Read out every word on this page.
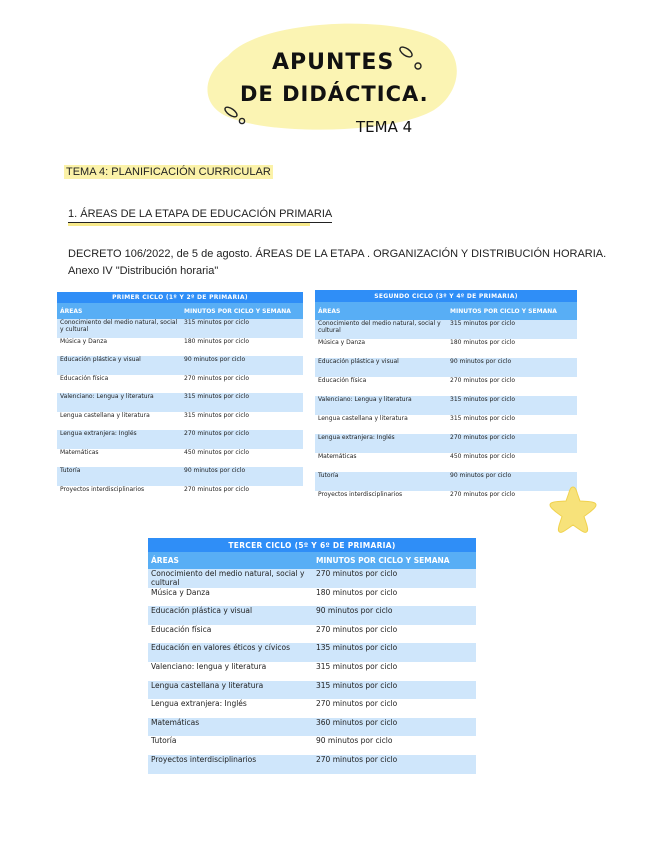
APUNTES
DE DIDÁCTICA.
TEMA 4
TEMA 4: PLANIFICACIÓN CURRICULAR
1. ÁREAS DE LA ETAPA DE EDUCACIÓN PRIMARIA
DECRETO 106/2022, de 5 de agosto. ÁREAS DE LA ETAPA . ORGANIZACIÓN Y DISTRIBUCIÓN HORARIA. Anexo IV "Distribución horaria"
PRIMER CICLO (1º Y 2º DE PRIMARIA)	
ÁREAS	MINUTOS POR CICLO Y SEMANA
Conocimiento del medio natural, social y cultural	315 minutos por ciclo
Música y Danza	180 minutos por ciclo
Educación plástica y visual	90 minutos por ciclo
Educación física	270 minutos por ciclo
Valenciano: Lengua y literatura	315 minutos por ciclo
Lengua castellana y literatura	315 minutos por ciclo
Lengua extranjera: Inglés	270 minutos por ciclo
Matemáticas	450 minutos por ciclo
Tutoría	90 minutos por ciclo
Proyectos interdisciplinarios	270 minutos por ciclo
SEGUNDO CICLO (3º Y 4º DE PRIMARIA)	
ÁREAS	MINUTOS POR CICLO Y SEMANA
Conocimiento del medio natural, social y cultural	315 minutos por ciclo
Música y Danza	180 minutos por ciclo
Educación plástica y visual	90 minutos por ciclo
Educación física	270 minutos por ciclo
Valenciano: Lengua y literatura	315 minutos por ciclo
Lengua castellana y literatura	315 minutos por ciclo
Lengua extranjera: Inglés	270 minutos por ciclo
Matemáticas	450 minutos por ciclo
Tutoría	90 minutos por ciclo
Proyectos interdisciplinarios	270 minutos por ciclo
TERCER CICLO (5º Y 6º DE PRIMARIA)	
ÁREAS	MINUTOS POR CICLO Y SEMANA
Conocimiento del medio natural, social y cultural	270 minutos por ciclo
Música y Danza	180 minutos por ciclo
Educación plástica y visual	90 minutos por ciclo
Educación física	270 minutos por ciclo
Educación en valores éticos y cívicos	135 minutos por ciclo
Valenciano: lengua y literatura	315 minutos por ciclo
Lengua castellana y literatura	315 minutos por ciclo
Lengua extranjera: Inglés	270 minutos por ciclo
Matemáticas	360 minutos por ciclo
Tutoría	90 minutos por ciclo
Proyectos interdisciplinarios	270 minutos por ciclo
